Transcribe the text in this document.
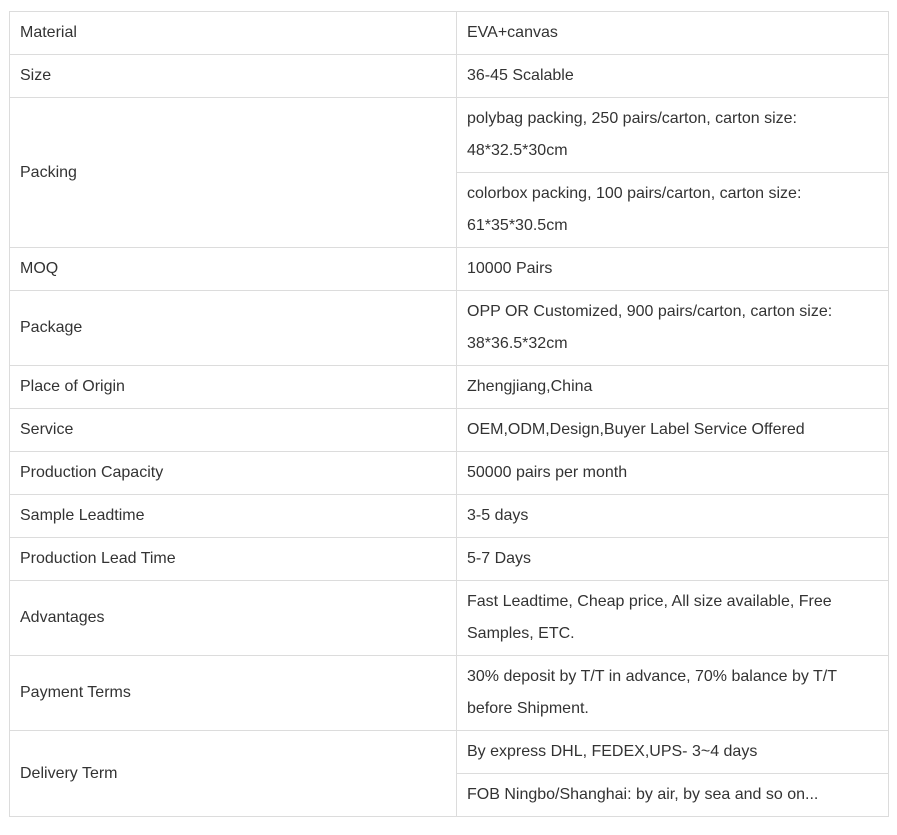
Material	EVA+canvas
Size	36-45 Scalable
Packing	polybag packing, 250 pairs/carton, carton size: 48*32.5*30cm
	colorbox packing, 100 pairs/carton, carton size: 61*35*30.5cm
MOQ	10000 Pairs
Package	OPP OR Customized, 900 pairs/carton, carton size: 38*36.5*32cm
Place of Origin	Zhengjiang,China
Service	OEM,ODM,Design,Buyer Label Service Offered
Production Capacity	50000 pairs per month
Sample Leadtime	3-5 days
Production Lead Time	5-7 Days
Advantages	Fast Leadtime, Cheap price, All size available, Free Samples, ETC.
Payment Terms	30% deposit by T/T in advance, 70% balance by T/T before Shipment.
Delivery Term	By express DHL, FEDEX,UPS- 3~4 days
	FOB Ningbo/Shanghai: by air, by sea and so on...
